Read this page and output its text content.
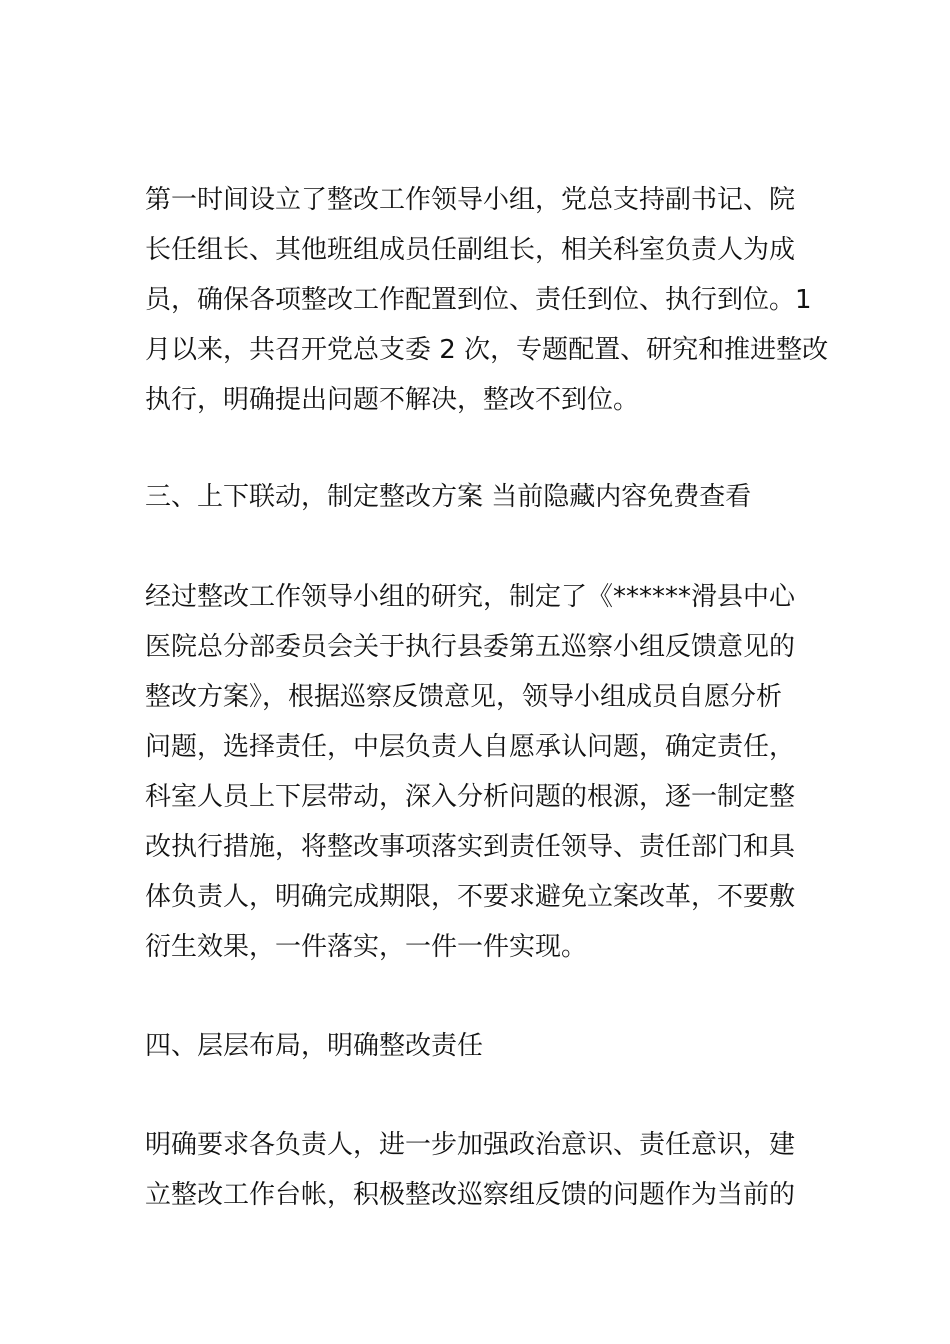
第一时间设立了整改工作领导小组，党总支持副书记、院
长任组长、其他班组成员任副组长，相关科室负责人为成
员，确保各项整改工作配置到位、责任到位、执行到位。1
月以来，共召开党总支委 2 次，专题配置、研究和推进整改
执行，明确提出问题不解决，整改不到位。
三、上下联动，制定整改方案 当前隐藏内容免费查看
经过整改工作领导小组的研究，制定了《******滑县中心
医院总分部委员会关于执行县委第五巡察小组反馈意见的
整改方案》，根据巡察反馈意见，领导小组成员自愿分析
问题，选择责任，中层负责人自愿承认问题，确定责任，
科室人员上下层带动，深入分析问题的根源，逐一制定整
改执行措施，将整改事项落实到责任领导、责任部门和具
体负责人，明确完成期限，不要求避免立案改革，不要敷
衍生效果，一件落实，一件一件实现。
四、层层布局，明确整改责任
明确要求各负责人，进一步加强政治意识、责任意识，建
立整改工作台帐，积极整改巡察组反馈的问题作为当前的
